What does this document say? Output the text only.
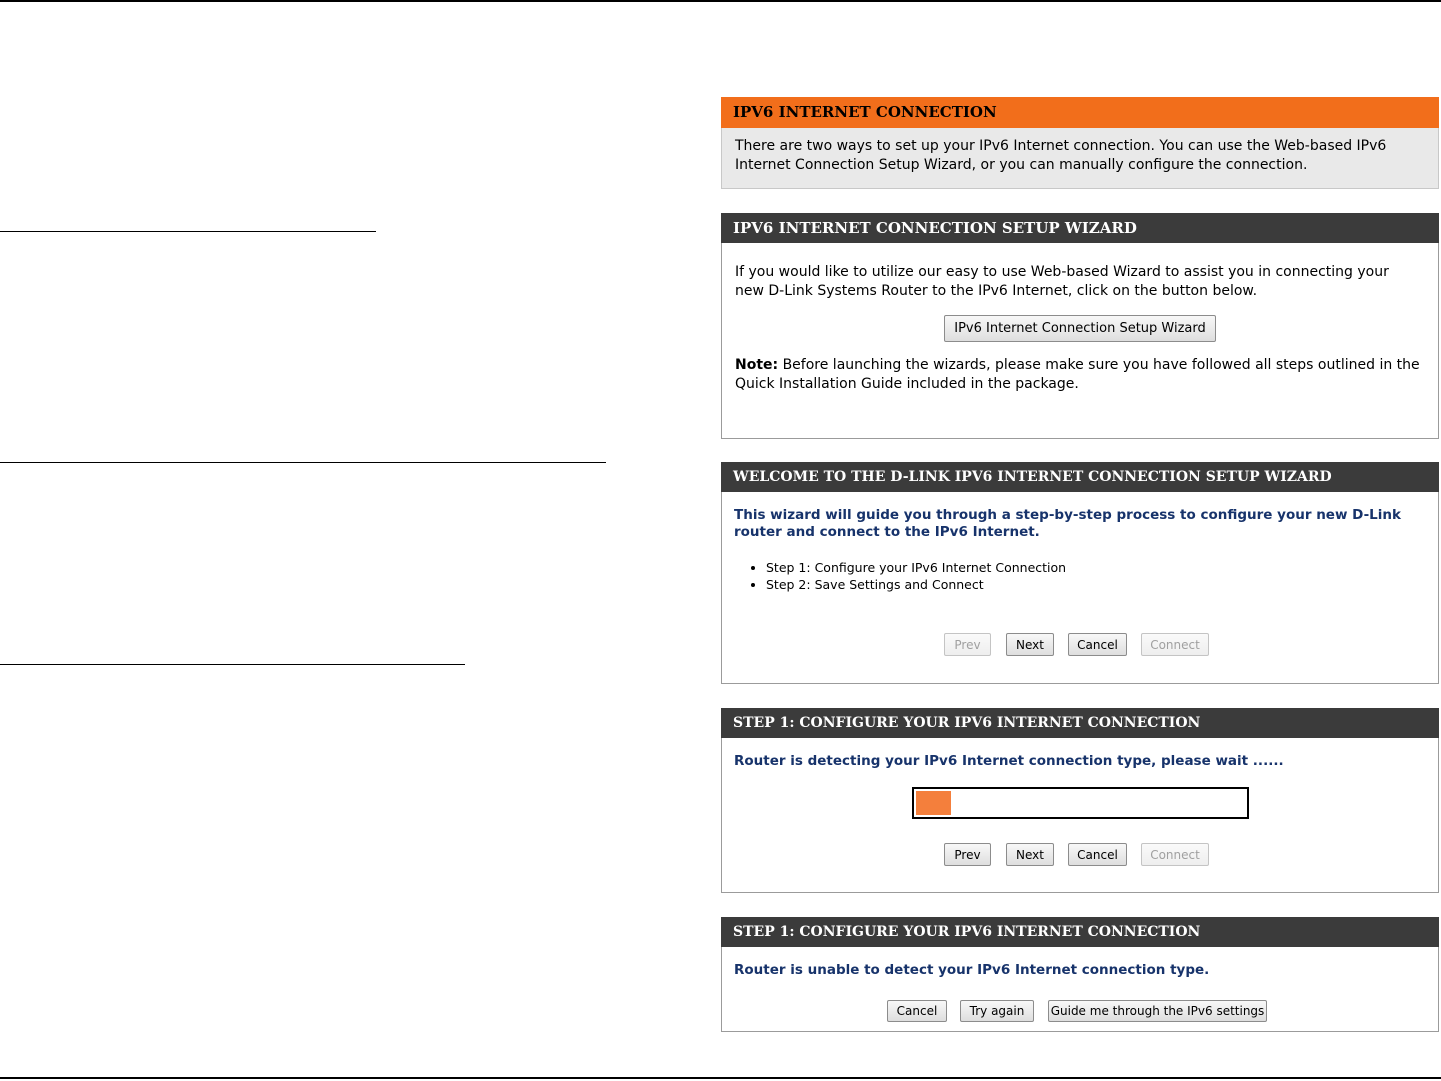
IPV6 INTERNET CONNECTION

There are two ways to set up your IPv6 Internet connection. You can use the Web-based IPv6 Internet Connection Setup Wizard, or you can manually configure the connection.

IPV6 INTERNET CONNECTION SETUP WIZARD

If you would like to utilize our easy to use Web-based Wizard to assist you in connecting your new D-Link Systems Router to the IPv6 Internet, click on the button below.

IPv6 Internet Connection Setup Wizard

Note: Before launching the wizards, please make sure you have followed all steps outlined in the Quick Installation Guide included in the package.

WELCOME TO THE D-LINK IPV6 INTERNET CONNECTION SETUP WIZARD

This wizard will guide you through a step-by-step process to configure your new D-Link router and connect to the IPv6 Internet.

• Step 1: Configure your IPv6 Internet Connection
• Step 2: Save Settings and Connect
Prev	Next	Cancel	Connect
STEP 1: CONFIGURE YOUR IPV6 INTERNET CONNECTION

Router is detecting your IPv6 Internet connection type, please wait ......

Prev	Next	Cancel	Connect
STEP 1: CONFIGURE YOUR IPV6 INTERNET CONNECTION

Router is unable to detect your IPv6 Internet connection type.

Cancel	Try again	Guide me through the IPv6 settings
